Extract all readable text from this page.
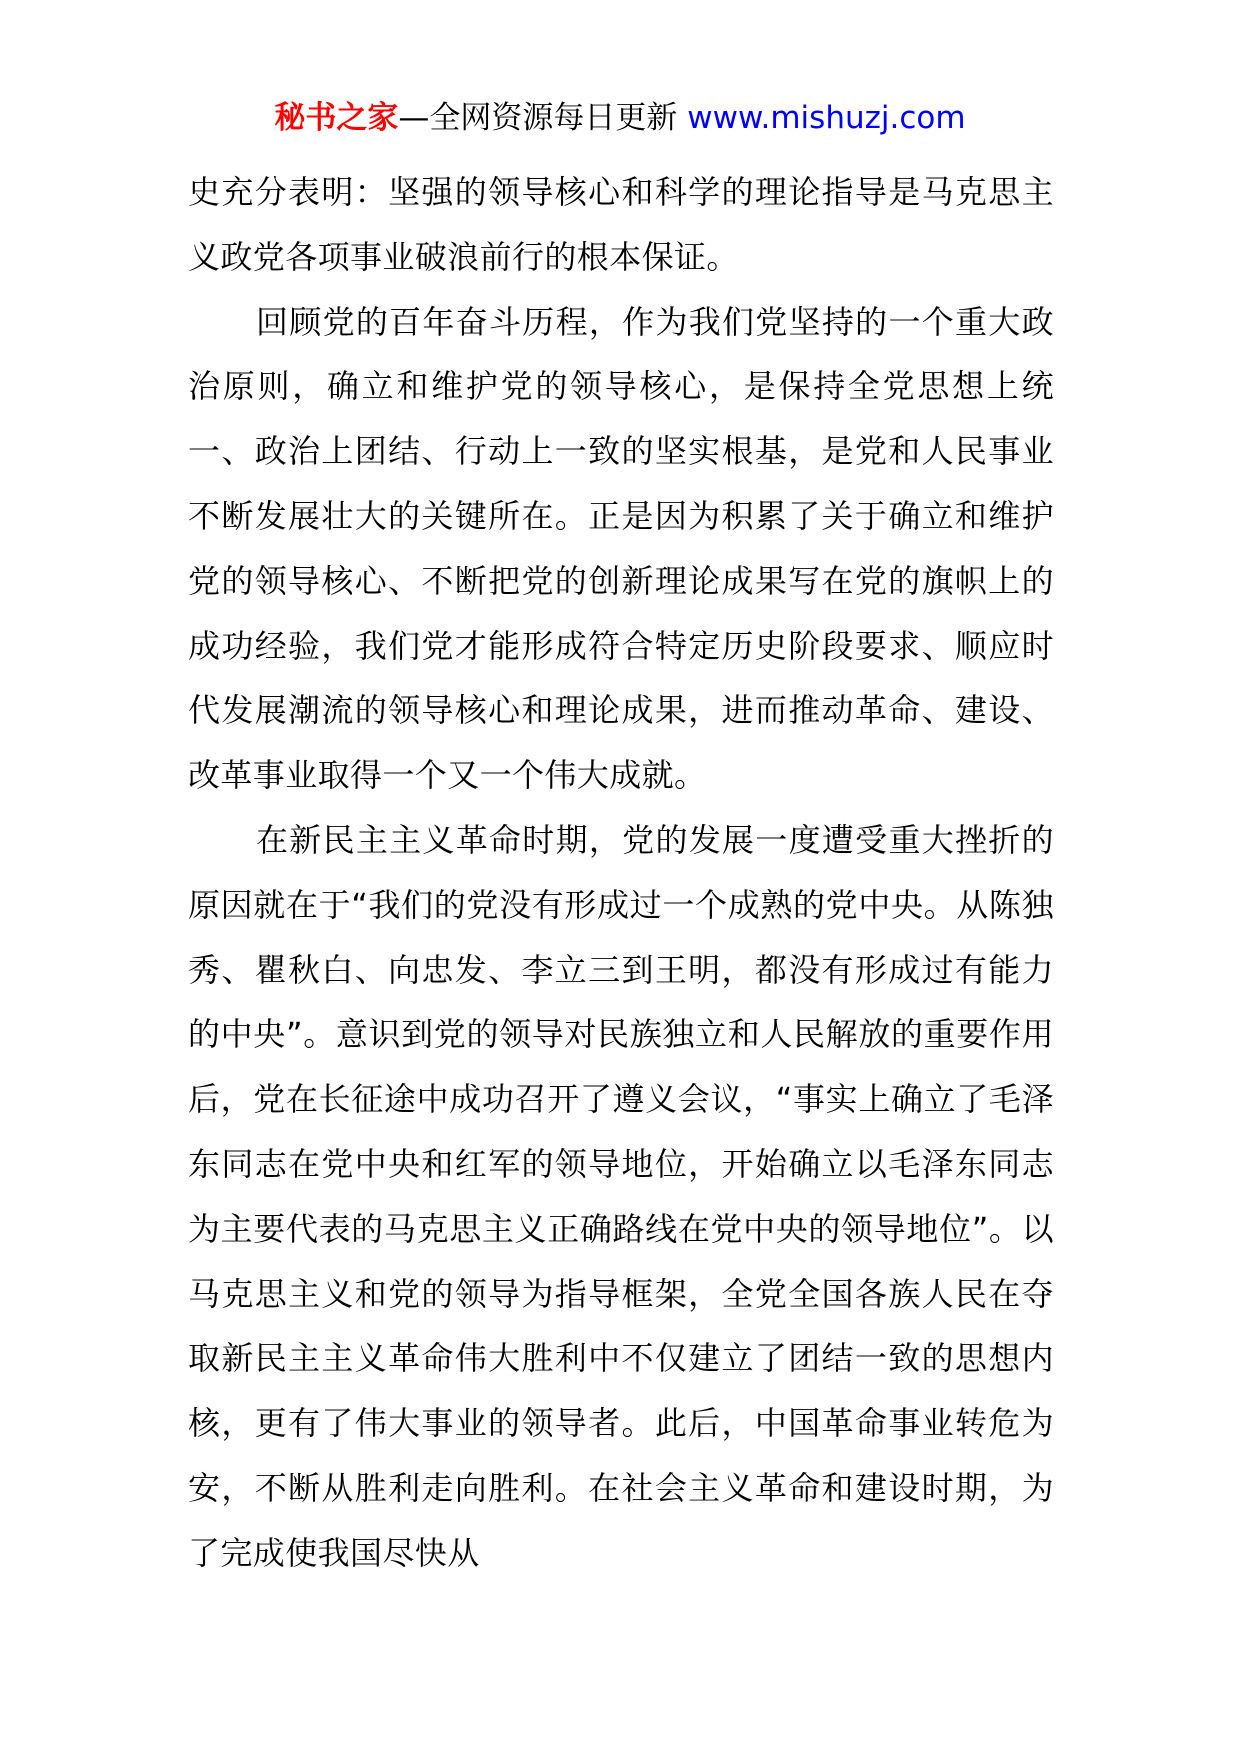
秘书之家—全网资源每日更新 www.mishuzj.com

史充分表明：坚强的领导核心和科学的理论指导是马克思主义政党各项事业破浪前行的根本保证。

回顾党的百年奋斗历程，作为我们党坚持的一个重大政治原则，确立和维护党的领导核心，是保持全党思想上统一、政治上团结、行动上一致的坚实根基，是党和人民事业不断发展壮大的关键所在。正是因为积累了关于确立和维护党的领导核心、不断把党的创新理论成果写在党的旗帜上的成功经验，我们党才能形成符合特定历史阶段要求、顺应时代发展潮流的领导核心和理论成果，进而推动革命、建设、改革事业取得一个又一个伟大成就。

在新民主主义革命时期，党的发展一度遭受重大挫折的原因就在于“我们的党没有形成过一个成熟的党中央。从陈独秀、瞿秋白、向忠发、李立三到王明，都没有形成过有能力的中央”。意识到党的领导对民族独立和人民解放的重要作用后，党在长征途中成功召开了遵义会议，“事实上确立了毛泽东同志在党中央和红军的领导地位，开始确立以毛泽东同志为主要代表的马克思主义正确路线在党中央的领导地位”。以马克思主义和党的领导为指导框架，全党全国各族人民在夺取新民主主义革命伟大胜利中不仅建立了团结一致的思想内核，更有了伟大事业的领导者。此后，中国革命事业转危为安，不断从胜利走向胜利。在社会主义革命和建设时期，为了完成使我国尽快从
